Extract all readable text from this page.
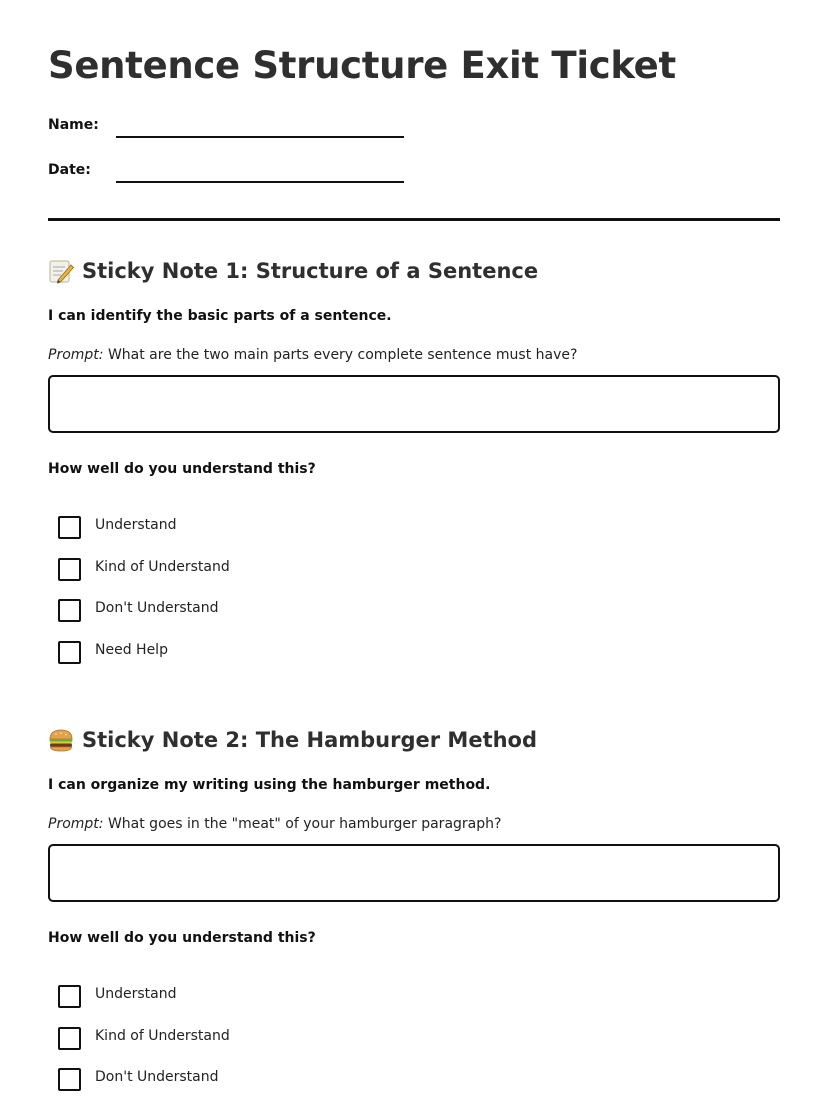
Sentence Structure Exit Ticket
Name:
Date:
Sticky Note 1: Structure of a Sentence
I can identify the basic parts of a sentence.
Prompt: What are the two main parts every complete sentence must have?
How well do you understand this?
Understand
Kind of Understand
Don't Understand
Need Help
Sticky Note 2: The Hamburger Method
I can organize my writing using the hamburger method.
Prompt: What goes in the "meat" of your hamburger paragraph?
How well do you understand this?
Understand
Kind of Understand
Don't Understand
